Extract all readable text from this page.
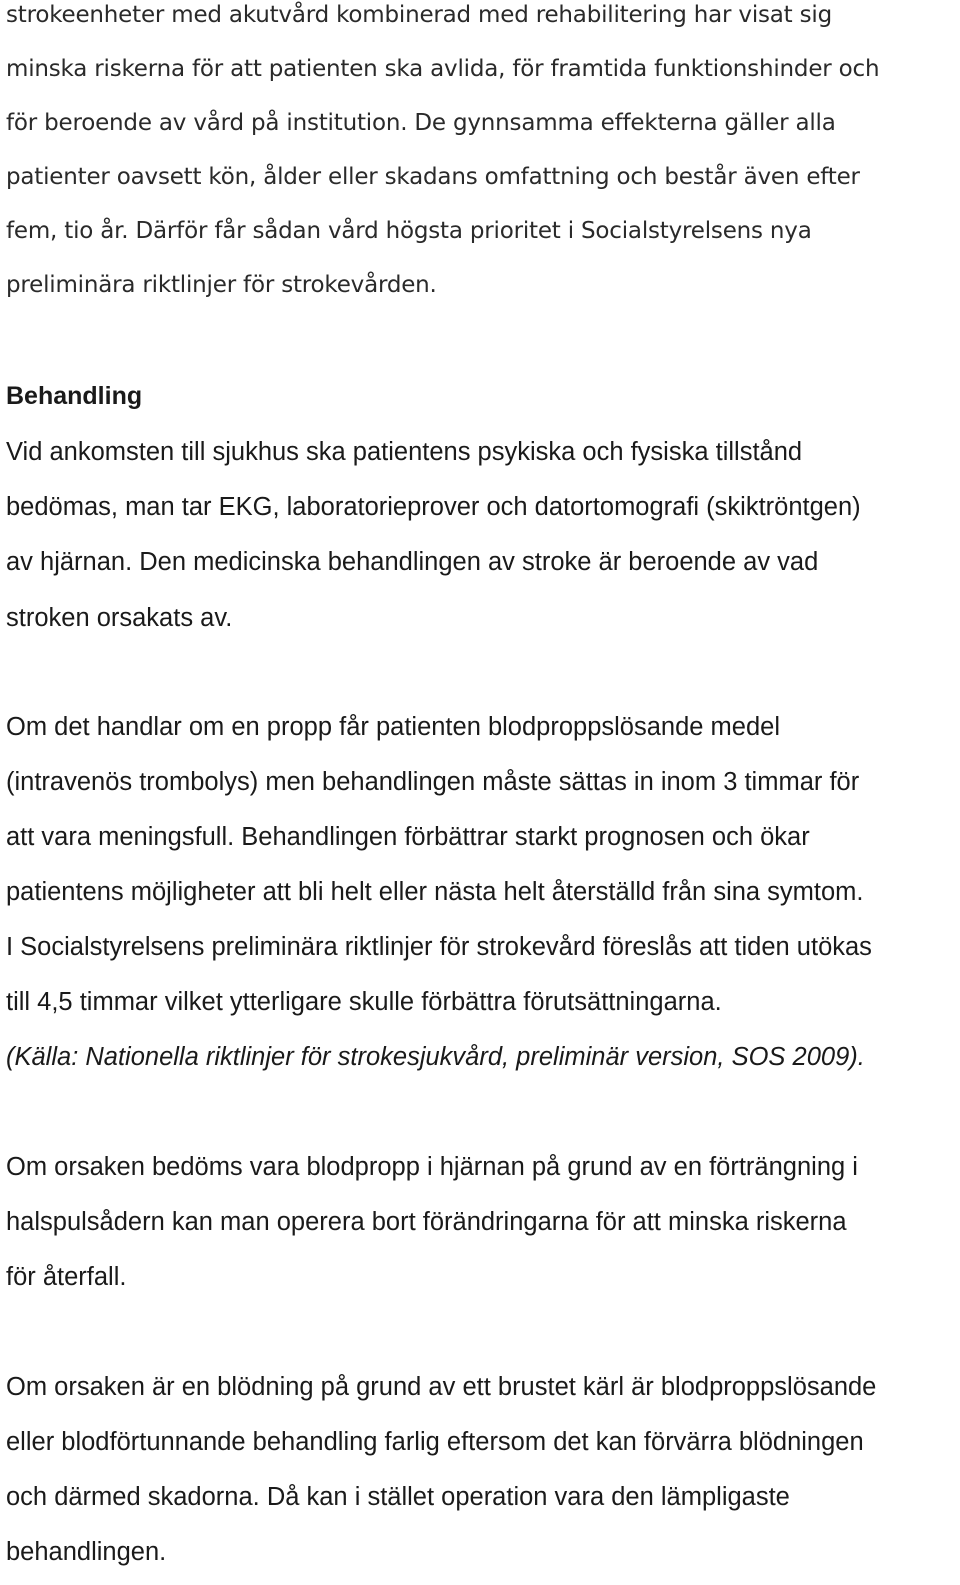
strokeenheter med akutvård kombinerad med rehabilitering har visat sig
minska riskerna för att patienten ska avlida, för framtida funktionshinder och
för beroende av vård på institution. De gynnsamma effekterna gäller alla
patienter oavsett kön, ålder eller skadans omfattning och består även efter
fem, tio år. Därför får sådan vård högsta prioritet i Socialstyrelsens nya
preliminära riktlinjer för strokevården.
Behandling
Vid ankomsten till sjukhus ska patientens psykiska och fysiska tillstånd
bedömas, man tar EKG, laboratorieprover och datortomografi (skiktröntgen)
av hjärnan. Den medicinska behandlingen av stroke är beroende av vad
stroken orsakats av.
Om det handlar om en propp får patienten blodproppslösande medel
(intravenös trombolys) men behandlingen måste sättas in inom 3 timmar för
att vara meningsfull. Behandlingen förbättrar starkt prognosen och ökar
patientens möjligheter att bli helt eller nästa helt återställd från sina symtom.
I Socialstyrelsens preliminära riktlinjer för strokevård föreslås att tiden utökas
till 4,5 timmar vilket ytterligare skulle förbättra förutsättningarna.
(Källa: Nationella riktlinjer för strokesjukvård, preliminär version, SOS 2009).
Om orsaken bedöms vara blodpropp i hjärnan på grund av en förträngning i
halspulsådern kan man operera bort förändringarna för att minska riskerna
för återfall.
Om orsaken är en blödning på grund av ett brustet kärl är blodproppslösande
eller blodförtunnande behandling farlig eftersom det kan förvärra blödningen
och därmed skadorna. Då kan i stället operation vara den lämpligaste
behandlingen.
